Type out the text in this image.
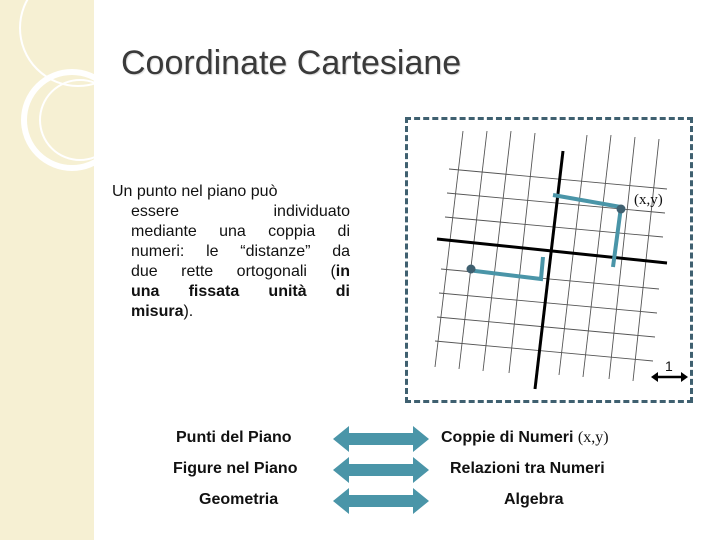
Coordinate Cartesiane
Un punto nel piano può
essere individuato
mediante una coppia di
numeri: le “distanze” da
due rette ortogonali (in
una fissata unità di
misura).
(x,y)
1
Punti del Piano	Coppie di Numeri (x,y)
Figure nel Piano	Relazioni tra Numeri
Geometria	Algebra
